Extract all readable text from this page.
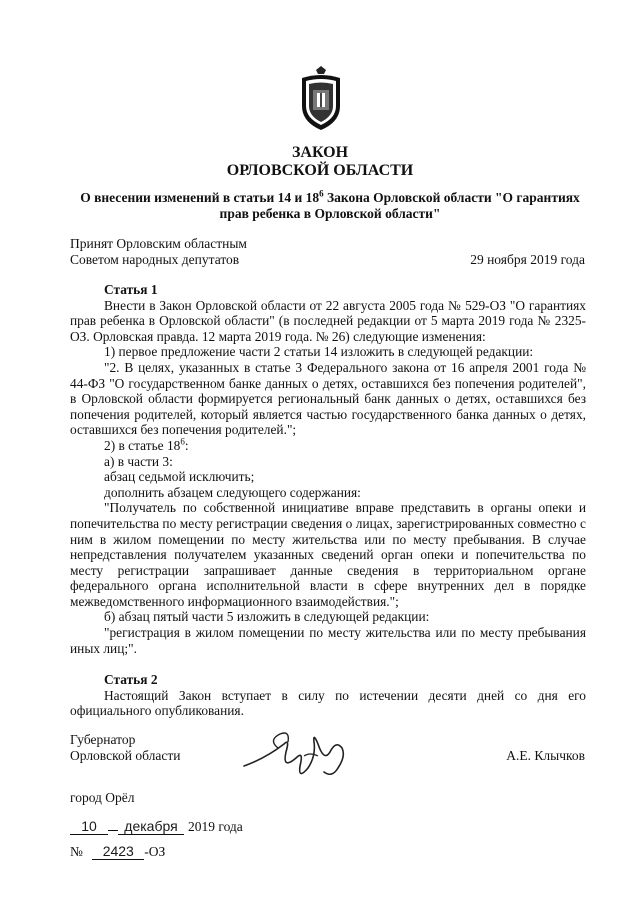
ЗАКОН
ОРЛОВСКОЙ ОБЛАСТИ
О внесении изменений в статьи 14 и $18^6$ Закона Орловской области "О гарантиях прав ребенка в Орловской области"
Принят Орловским областным
Советом народных депутатов	29 ноября 2019 года

Статья 1

Внести в Закон Орловской области от 22 августа 2005 года № 529-ОЗ "О гарантиях прав ребенка в Орловской области" (в последней редакции от 5 марта 2019 года № 2325-ОЗ. Орловская правда. 12 марта 2019 года. № 26) следующие изменения:

1) первое предложение части 2 статьи 14 изложить в следующей редакции:

"2. В целях, указанных в статье 3 Федерального закона от 16 апреля 2001 года № 44-ФЗ "О государственном банке данных о детях, оставшихся без попечения родителей", в Орловской области формируется региональный банк данных о детях, оставшихся без попечения родителей, который является частью государственного банка данных о детях, оставшихся без попечения родителей.";

2) в статье $18^6$:

а) в части 3:

абзац седьмой исключить;

дополнить абзацем следующего содержания:

"Получатель по собственной инициативе вправе представить в органы опеки и попечительства по месту регистрации сведения о лицах, зарегистрированных совместно с ним в жилом помещении по месту жительства или по месту пребывания. В случае непредставления получателем указанных сведений орган опеки и попечительства по месту регистрации запрашивает данные сведения в территориальном органе федерального органа исполнительной власти в сфере внутренних дел в порядке межведомственного информационного взаимодействия.";

б) абзац пятый части 5 изложить в следующей редакции:

"регистрация в жилом помещении по месту жительства или по месту пребывания иных лиц;".

Статья 2

Настоящий Закон вступает в силу по истечении десяти дней со дня его официального опубликования.

Губернатор
Орловской области	А.Е. Клычков
город Орёл
10 декабря 2019 года
№ 2423 -ОЗ
